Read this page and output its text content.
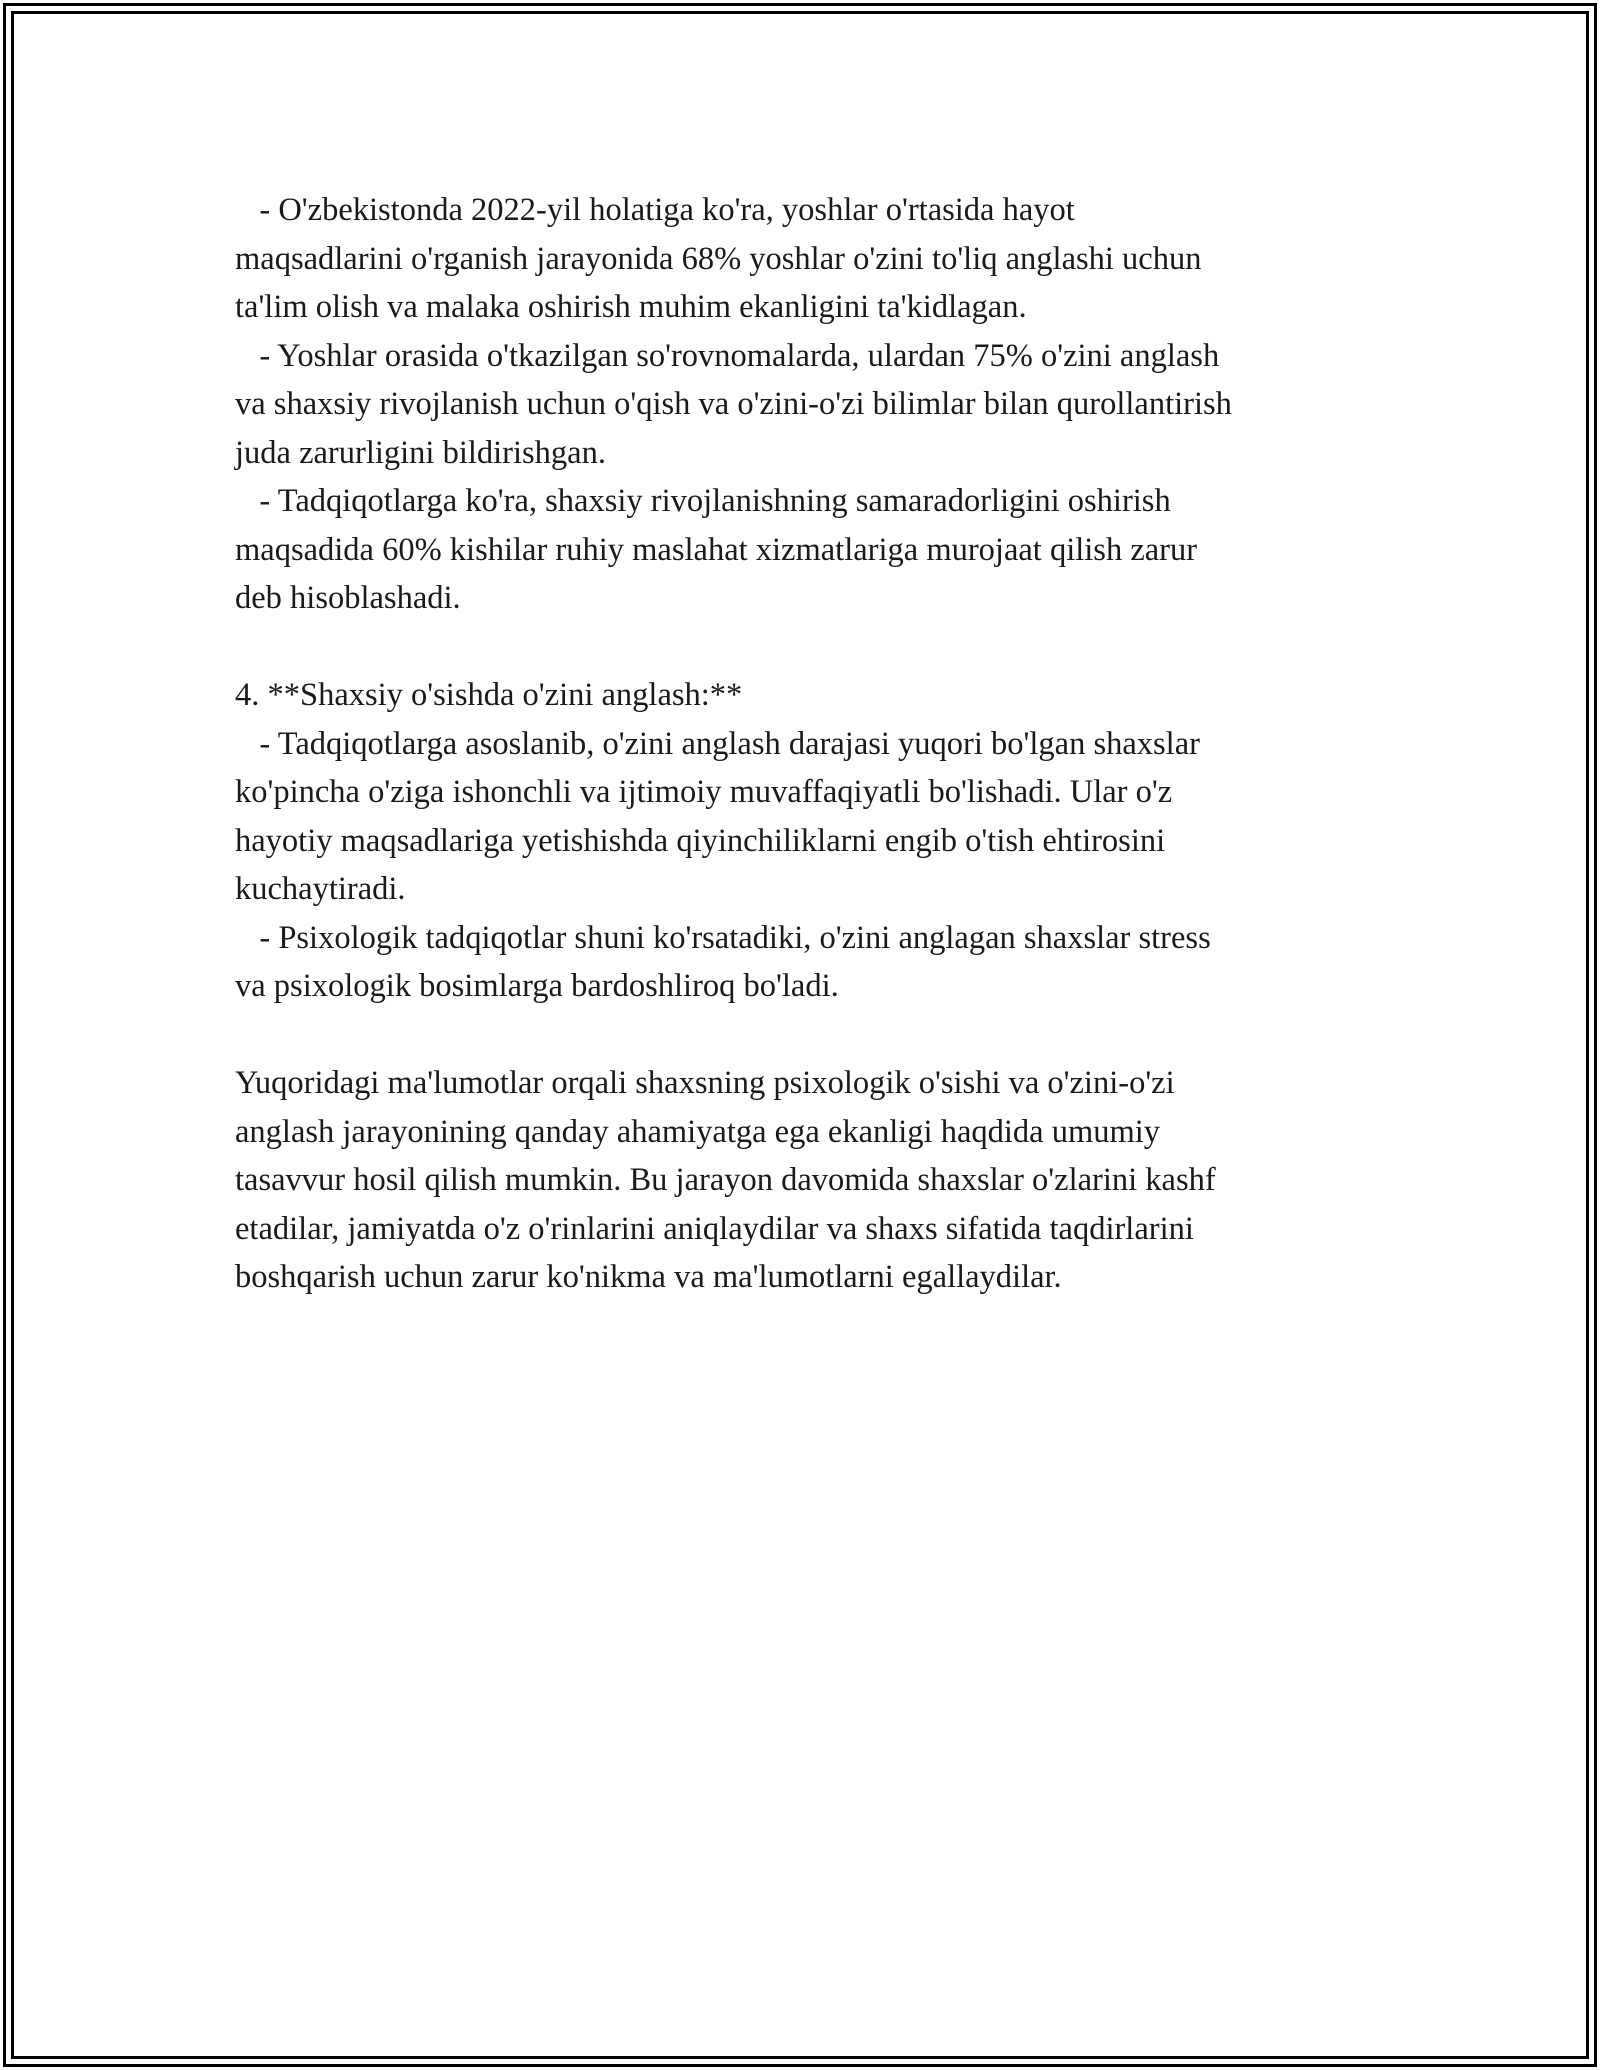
- O'zbekistonda 2022-yil holatiga ko'ra, yoshlar o'rtasida hayot

maqsadlarini o'rganish jarayonida 68% yoshlar o'zini to'liq anglashi uchun

ta'lim olish va malaka oshirish muhim ekanligini ta'kidlagan.

- Yoshlar orasida o'tkazilgan so'rovnomalarda, ulardan 75% o'zini anglash

va shaxsiy rivojlanish uchun o'qish va o'zini-o'zi bilimlar bilan qurollantirish

juda zarurligini bildirishgan.

- Tadqiqotlarga ko'ra, shaxsiy rivojlanishning samaradorligini oshirish

maqsadida 60% kishilar ruhiy maslahat xizmatlariga murojaat qilish zarur

deb hisoblashadi.

4. **Shaxsiy o'sishda o'zini anglash:**

- Tadqiqotlarga asoslanib, o'zini anglash darajasi yuqori bo'lgan shaxslar

ko'pincha o'ziga ishonchli va ijtimoiy muvaffaqiyatli bo'lishadi. Ular o'z

hayotiy maqsadlariga yetishishda qiyinchiliklarni engib o'tish ehtirosini

kuchaytiradi.

- Psixologik tadqiqotlar shuni ko'rsatadiki, o'zini anglagan shaxslar stress

va psixologik bosimlarga bardoshliroq bo'ladi.

Yuqoridagi ma'lumotlar orqali shaxsning psixologik o'sishi va o'zini-o'zi

anglash jarayonining qanday ahamiyatga ega ekanligi haqdida umumiy

tasavvur hosil qilish mumkin. Bu jarayon davomida shaxslar o'zlarini kashf

etadilar, jamiyatda o'z o'rinlarini aniqlaydilar va shaxs sifatida taqdirlarini

boshqarish uchun zarur ko'nikma va ma'lumotlarni egallaydilar.
